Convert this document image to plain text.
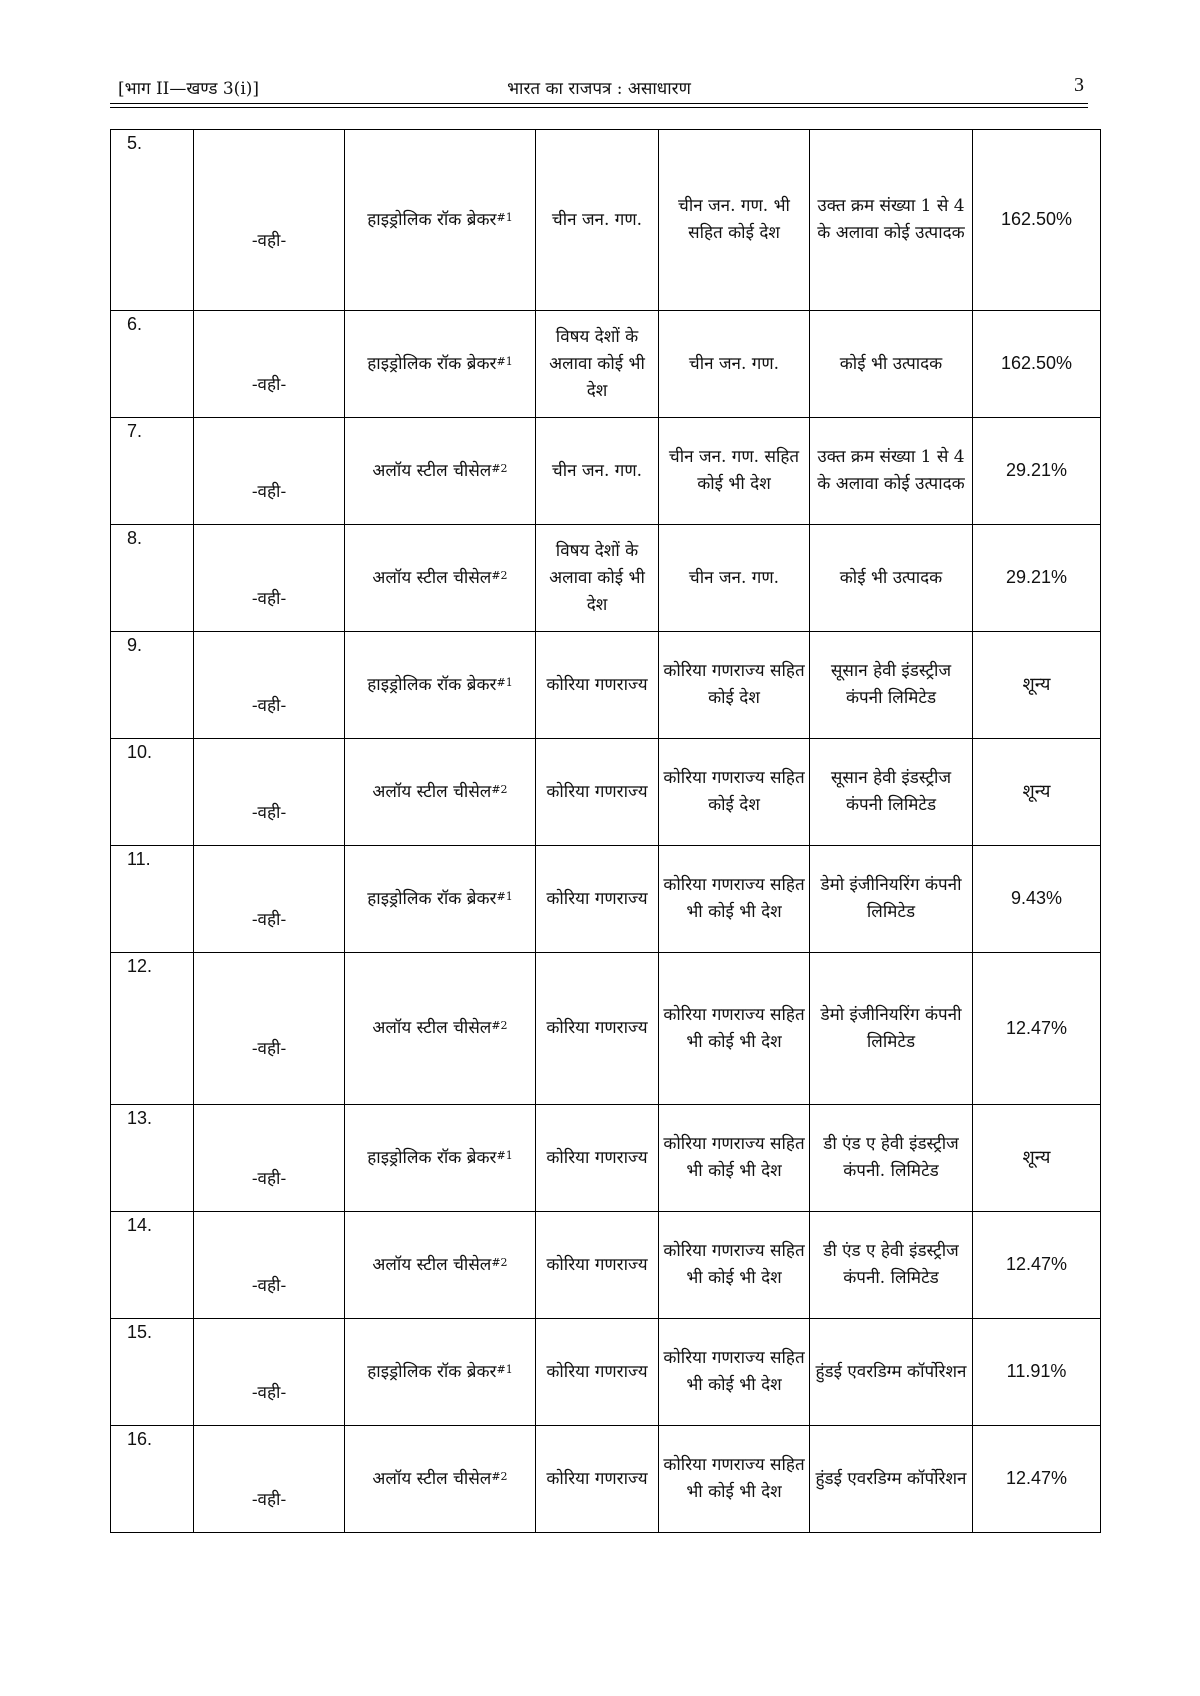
[भाग II—खण्ड 3(i)]	भारत का राजपत्र : असाधारण	3
5.	-वही-	हाइड्रोलिक रॉक ब्रेकर$^{\#1}$	चीन जन. गण.	चीन जन. गण. भी सहित कोई देश	उक्त क्रम संख्या 1 से 4 के अलावा कोई उत्पादक	162.50%

6.	-वही-	हाइड्रोलिक रॉक ब्रेकर$^{\#1}$	विषय देशों के अलावा कोई भी देश	चीन जन. गण.	कोई भी उत्पादक	162.50%

7.	-वही-	अलॉय स्टील चीसेल$^{\#2}$	चीन जन. गण.	चीन जन. गण. सहित कोई भी देश	उक्त क्रम संख्या 1 से 4 के अलावा कोई उत्पादक	29.21%

8.	-वही-	अलॉय स्टील चीसेल$^{\#2}$	विषय देशों के अलावा कोई भी देश	चीन जन. गण.	कोई भी उत्पादक	29.21%

9.	-वही-	हाइड्रोलिक रॉक ब्रेकर$^{\#1}$	कोरिया गणराज्य	कोरिया गणराज्य सहित कोई देश	सूसान हेवी इंडस्ट्रीज कंपनी लिमिटेड	शून्य

10.	-वही-	अलॉय स्टील चीसेल$^{\#2}$	कोरिया गणराज्य	कोरिया गणराज्य सहित कोई देश	सूसान हेवी इंडस्ट्रीज कंपनी लिमिटेड	शून्य

11.	-वही-	हाइड्रोलिक रॉक ब्रेकर$^{\#1}$	कोरिया गणराज्य	कोरिया गणराज्य सहित भी कोई भी देश	डेमो इंजीनियरिंग कंपनी लिमिटेड	9.43%

12.	-वही-	अलॉय स्टील चीसेल$^{\#2}$	कोरिया गणराज्य	कोरिया गणराज्य सहित भी कोई भी देश	डेमो इंजीनियरिंग कंपनी लिमिटेड	12.47%

13.	-वही-	हाइड्रोलिक रॉक ब्रेकर$^{\#1}$	कोरिया गणराज्य	कोरिया गणराज्य सहित भी कोई भी देश	डी एंड ए हेवी इंडस्ट्रीज कंपनी. लिमिटेड	शून्य

14.	-वही-	अलॉय स्टील चीसेल$^{\#2}$	कोरिया गणराज्य	कोरिया गणराज्य सहित भी कोई भी देश	डी एंड ए हेवी इंडस्ट्रीज कंपनी. लिमिटेड	12.47%

15.	-वही-	हाइड्रोलिक रॉक ब्रेकर$^{\#1}$	कोरिया गणराज्य	कोरिया गणराज्य सहित भी कोई भी देश	हुंडई एवरडिग्म कॉर्पोरेशन	11.91%

16.	-वही-	अलॉय स्टील चीसेल$^{\#2}$	कोरिया गणराज्य	कोरिया गणराज्य सहित भी कोई भी देश	हुंडई एवरडिग्म कॉर्पोरेशन	12.47%
